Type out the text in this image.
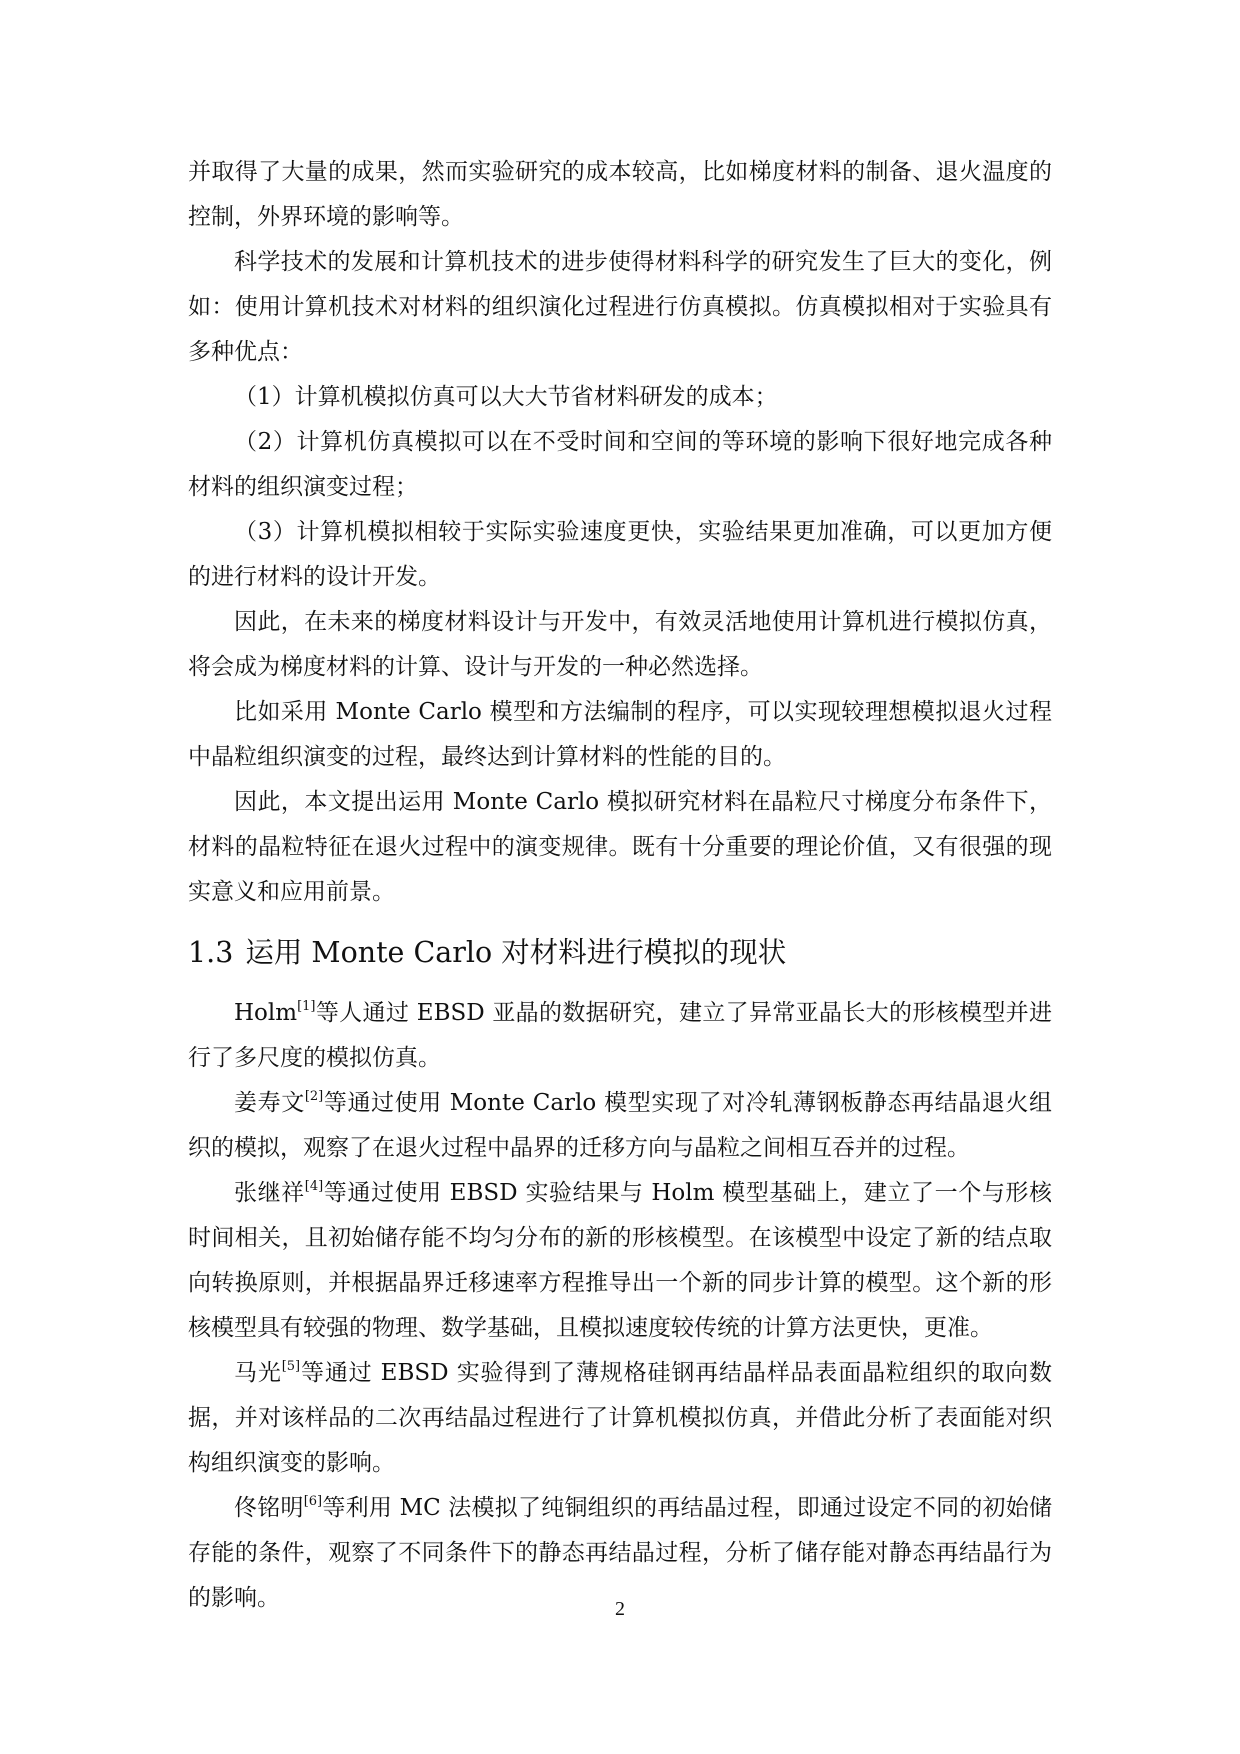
并取得了大量的成果，然而实验研究的成本较高，比如梯度材料的制备、退火温度的控制，外界环境的影响等。

科学技术的发展和计算机技术的进步使得材料科学的研究发生了巨大的变化，例如：使用计算机技术对材料的组织演化过程进行仿真模拟。仿真模拟相对于实验具有多种优点：

（1）计算机模拟仿真可以大大节省材料研发的成本；

（2）计算机仿真模拟可以在不受时间和空间的等环境的影响下很好地完成各种材料的组织演变过程；

（3）计算机模拟相较于实际实验速度更快，实验结果更加准确，可以更加方便的进行材料的设计开发。

因此，在未来的梯度材料设计与开发中，有效灵活地使用计算机进行模拟仿真，将会成为梯度材料的计算、设计与开发的一种必然选择。

比如采用 Monte Carlo 模型和方法编制的程序，可以实现较理想模拟退火过程中晶粒组织演变的过程，最终达到计算材料的性能的目的。

因此，本文提出运用 Monte Carlo 模拟研究材料在晶粒尺寸梯度分布条件下，材料的晶粒特征在退火过程中的演变规律。既有十分重要的理论价值，又有很强的现实意义和应用前景。

1.3 运用 Monte Carlo 对材料进行模拟的现状

Holm[1]等人通过 EBSD 亚晶的数据研究，建立了异常亚晶长大的形核模型并进行了多尺度的模拟仿真。

姜寿文[2]等通过使用 Monte Carlo 模型实现了对冷轧薄钢板静态再结晶退火组织的模拟，观察了在退火过程中晶界的迁移方向与晶粒之间相互吞并的过程。

张继祥[4]等通过使用 EBSD 实验结果与 Holm 模型基础上，建立了一个与形核时间相关，且初始储存能不均匀分布的新的形核模型。在该模型中设定了新的结点取向转换原则，并根据晶界迁移速率方程推导出一个新的同步计算的模型。这个新的形核模型具有较强的物理、数学基础，且模拟速度较传统的计算方法更快，更准。

马光[5]等通过 EBSD 实验得到了薄规格硅钢再结晶样品表面晶粒组织的取向数据，并对该样品的二次再结晶过程进行了计算机模拟仿真，并借此分析了表面能对织构组织演变的影响。

佟铭明[6]等利用 MC 法模拟了纯铜组织的再结晶过程，即通过设定不同的初始储存能的条件，观察了不同条件下的静态再结晶过程，分析了储存能对静态再结晶行为的影响。	2
